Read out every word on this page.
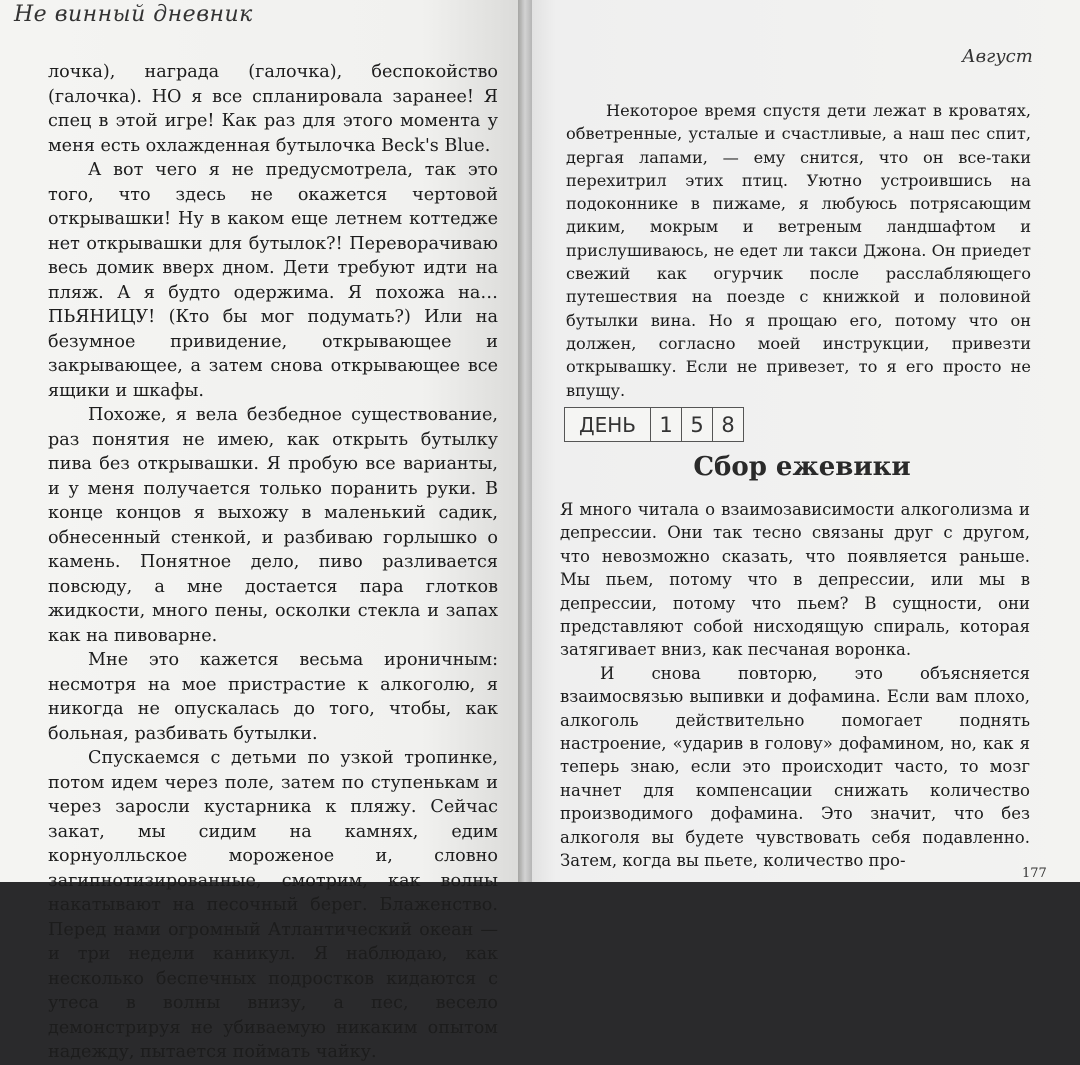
Не винный дневник

лочка), награда (галочка), беспокойство (галочка). НО я все спланировала заранее! Я спец в этой игре! Как раз для этого момента у меня есть охлажденная бутылочка Beck's Blue.

А вот чего я не предусмотрела, так это того, что здесь не окажется чертовой открывашки! Ну в каком еще летнем коттедже нет открывашки для бутылок?! Переворачиваю весь домик вверх дном. Дети требуют идти на пляж. А я будто одержима. Я похожа на… ПЬЯНИЦУ! (Кто бы мог подумать?) Или на безумное привидение, открывающее и закрывающее, а затем снова открывающее все ящики и шкафы.

Похоже, я вела безбедное существование, раз понятия не имею, как открыть бутылку пива без открывашки. Я пробую все варианты, и у меня получается только поранить руки. В конце концов я выхожу в маленький садик, обнесенный стенкой, и разбиваю горлышко о камень. Понятное дело, пиво разливается повсюду, а мне достается пара глотков жидкости, много пены, осколки стекла и запах как на пивоварне.

Мне это кажется весьма ироничным: несмотря на мое пристрастие к алкоголю, я никогда не опускалась до того, чтобы, как больная, разбивать бутылки.

Спускаемся с детьми по узкой тропинке, потом идем через поле, затем по ступенькам и через заросли кустарника к пляжу. Сейчас закат, мы сидим на камнях, едим корнуолльское мороженое и, словно загипнотизированные, смотрим, как волны накатывают на песочный берег. Блаженство. Перед нами огромный Атлантический океан — и три недели каникул. Я наблюдаю, как несколько беспечных подростков кидаются с утеса в волны внизу, а пес, весело демонстрируя не убиваемую никаким опытом надежду, пытается поймать чайку.

Август

Некоторое время спустя дети лежат в кроватях, обветренные, усталые и счастливые, а наш пес спит, дергая лапами, — ему снится, что он все-таки перехитрил этих птиц. Уютно устроившись на подоконнике в пижаме, я любуюсь потрясающим диким, мокрым и ветреным ландшафтом и прислушиваюсь, не едет ли такси Джона. Он приедет свежий как огурчик после расслабляющего путешествия на поезде с книжкой и половиной бутылки вина. Но я прощаю его, потому что он должен, согласно моей инструкции, привезти открывашку. Если не привезет, то я его просто не впущу.

ДЕНЬ	1 5 8
Сбор ежевики

Я много читала о взаимозависимости алкоголизма и депрессии. Они так тесно связаны друг с другом, что невозможно сказать, что появляется раньше. Мы пьем, потому что в депрессии, или мы в депрессии, потому что пьем? В сущности, они представляют собой нисходящую спираль, которая затягивает вниз, как песчаная воронка.

И снова повторю, это объясняется взаимосвязью выпивки и дофамина. Если вам плохо, алкоголь действительно помогает поднять настроение, «ударив в голову» дофамином, но, как я теперь знаю, если это происходит часто, то мозг начнет для компенсации снижать количество производимого дофамина. Это значит, что без алкоголя вы будете чувствовать себя подавленно. Затем, когда вы пьете, количество про-

177
